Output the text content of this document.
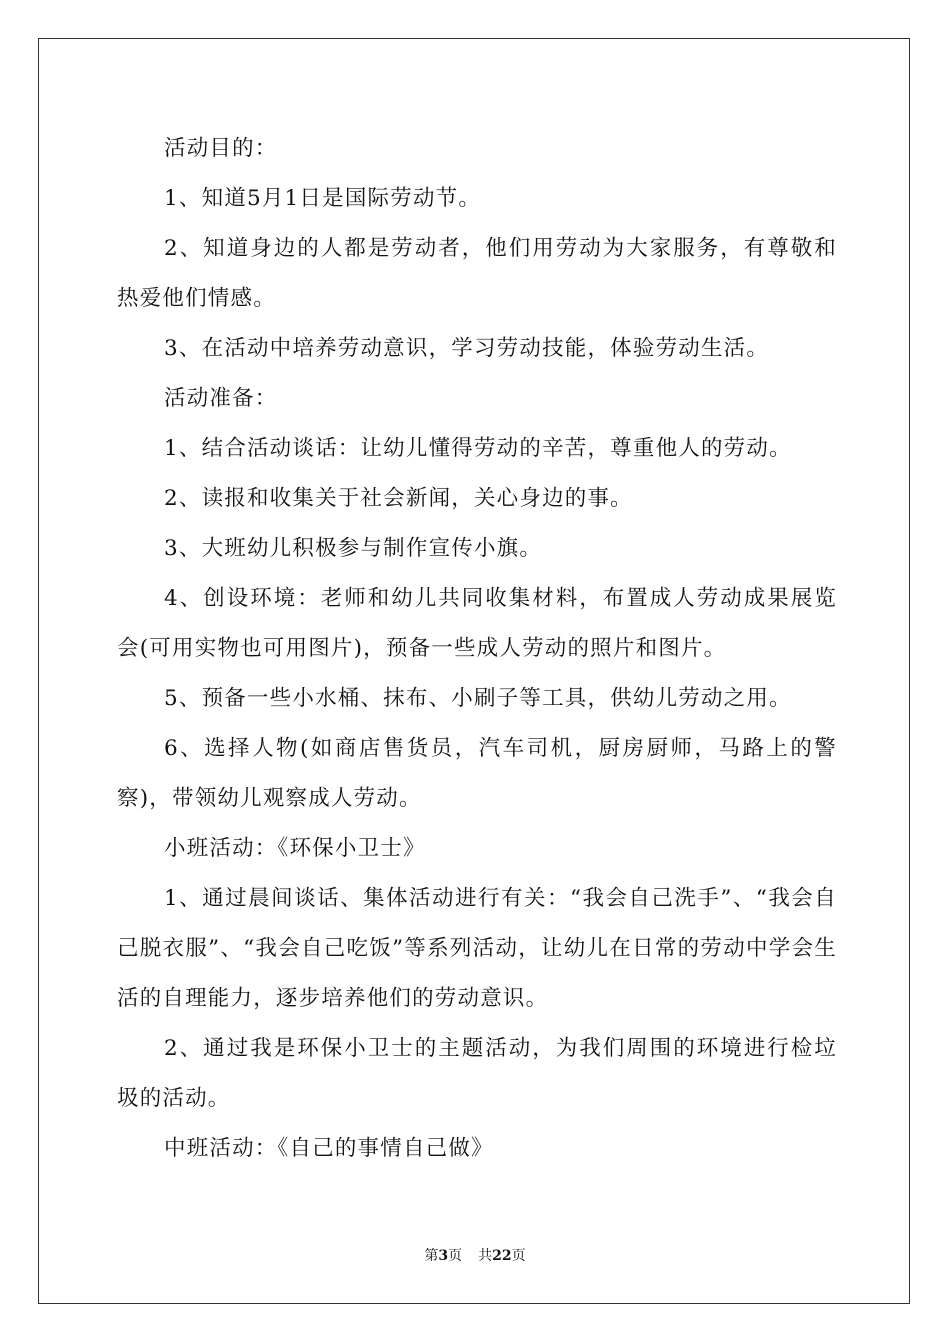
活动目的：

1、知道5月1日是国际劳动节。

2、知道身边的人都是劳动者，他们用劳动为大家服务，有尊敬和热爱他们情感。

3、在活动中培养劳动意识，学习劳动技能，体验劳动生活。

活动准备：

1、结合活动谈话：让幼儿懂得劳动的辛苦，尊重他人的劳动。

2、读报和收集关于社会新闻，关心身边的事。

3、大班幼儿积极参与制作宣传小旗。

4、创设环境：老师和幼儿共同收集材料，布置成人劳动成果展览会(可用实物也可用图片)，预备一些成人劳动的照片和图片。

5、预备一些小水桶、抹布、小刷子等工具，供幼儿劳动之用。

6、选择人物(如商店售货员，汽车司机，厨房厨师，马路上的警察)，带领幼儿观察成人劳动。

小班活动：《环保小卫士》

1、通过晨间谈话、集体活动进行有关：“我会自己洗手”、“我会自己脱衣服”、“我会自己吃饭”等系列活动，让幼儿在日常的劳动中学会生活的自理能力，逐步培养他们的劳动意识。

2、通过我是环保小卫士的主题活动，为我们周围的环境进行检垃圾的活动。

中班活动：《自己的事情自己做》

第3页 共22页
